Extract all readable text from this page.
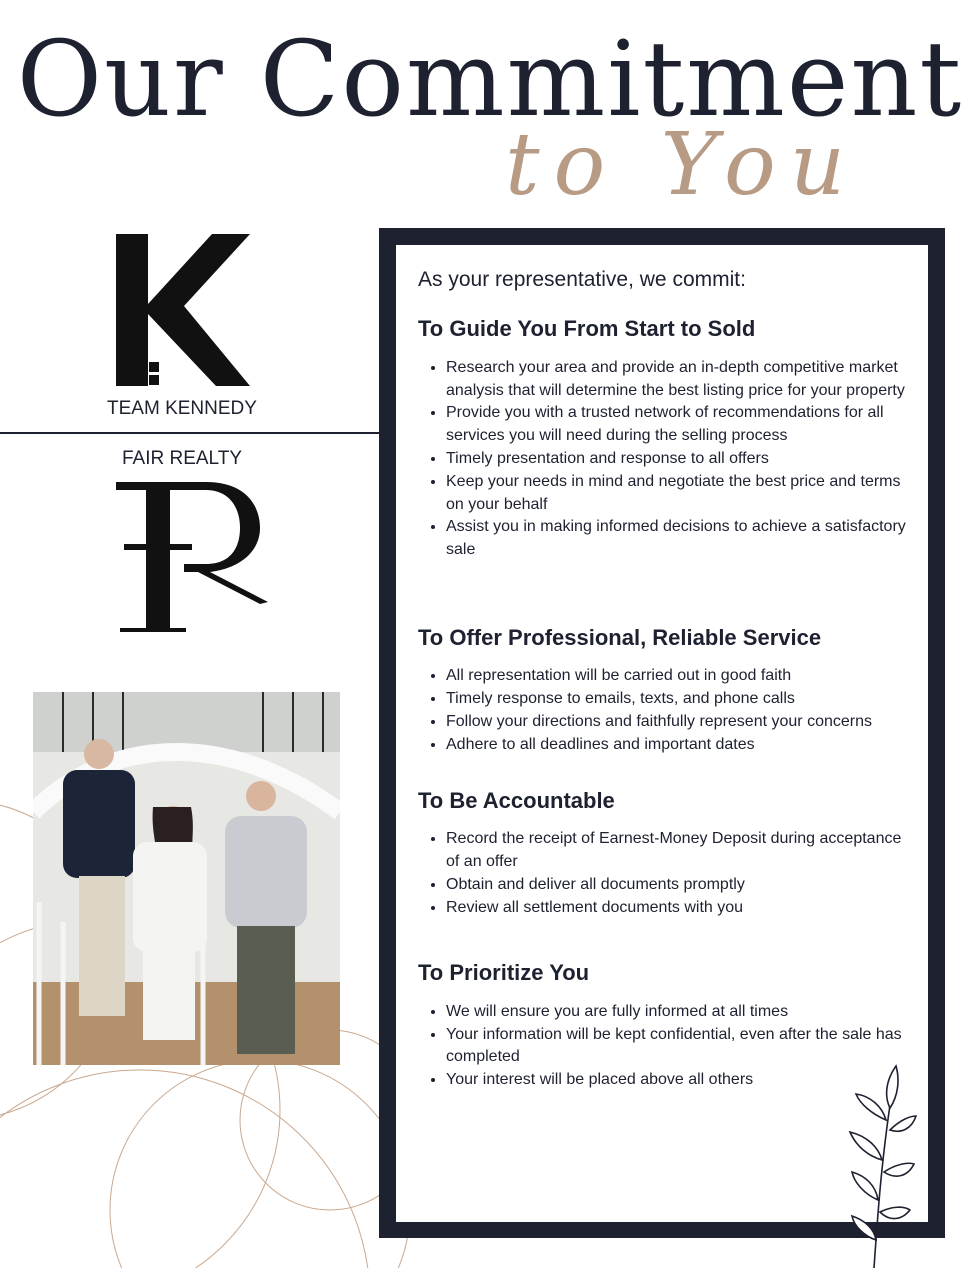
Our Commitment
to You
TEAM KENNEDY
FAIR REALTY

As your representative, we commit:

To Guide You From Start to Sold
• Research your area and provide an in-depth competitive market analysis that will determine the best listing price for your property
• Provide you with a trusted network of recommendations for all services you will need during the selling process
• Timely presentation and response to all offers
• Keep your needs in mind and negotiate the best price and terms on your behalf
• Assist you in making informed decisions to achieve a satisfactory sale
To Offer Professional, Reliable Service
• All representation will be carried out in good faith
• Timely response to emails, texts, and phone calls
• Follow your directions and faithfully represent your concerns
• Adhere to all deadlines and important dates
To Be Accountable
• Record the receipt of Earnest-Money Deposit during acceptance of an offer
• Obtain and deliver all documents promptly
• Review all settlement documents with you
To Prioritize You
• We will ensure you are fully informed at all times
• Your information will be kept confidential, even after the sale has completed
• Your interest will be placed above all others
